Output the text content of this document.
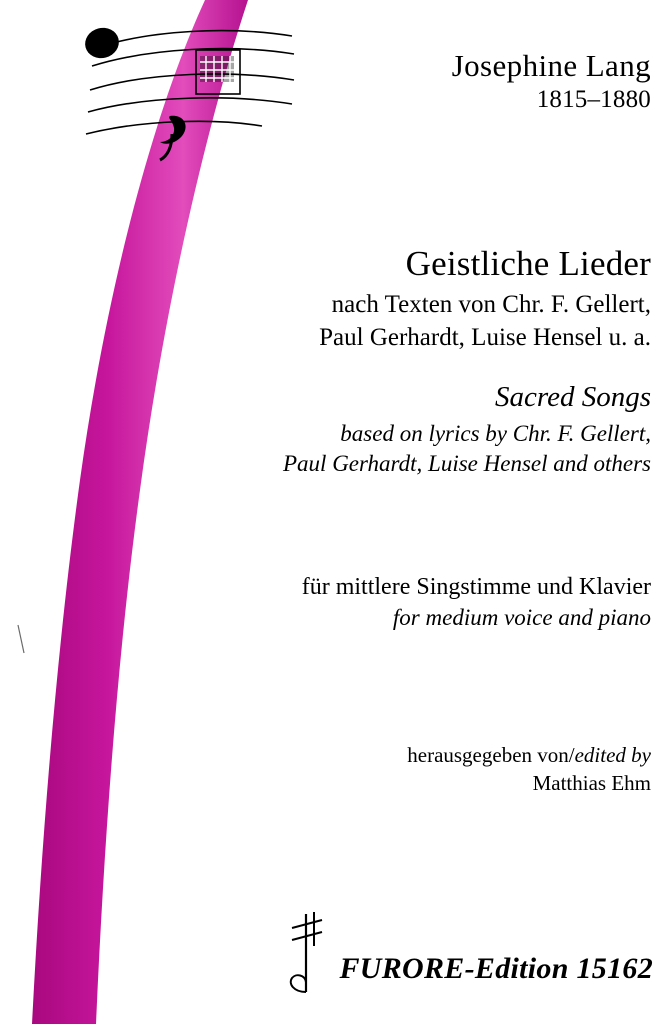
Josephine Lang
1815–1880
Geistliche Lieder
nach Texten von Chr. F. Gellert,
Paul Gerhardt, Luise Hensel u. a.
Sacred Songs
based on lyrics by Chr. F. Gellert,
Paul Gerhardt, Luise Hensel and others
für mittlere Singstimme und Klavier
for medium voice and piano
herausgegeben von/edited by
Matthias Ehm
FURORE-Edition 15162
